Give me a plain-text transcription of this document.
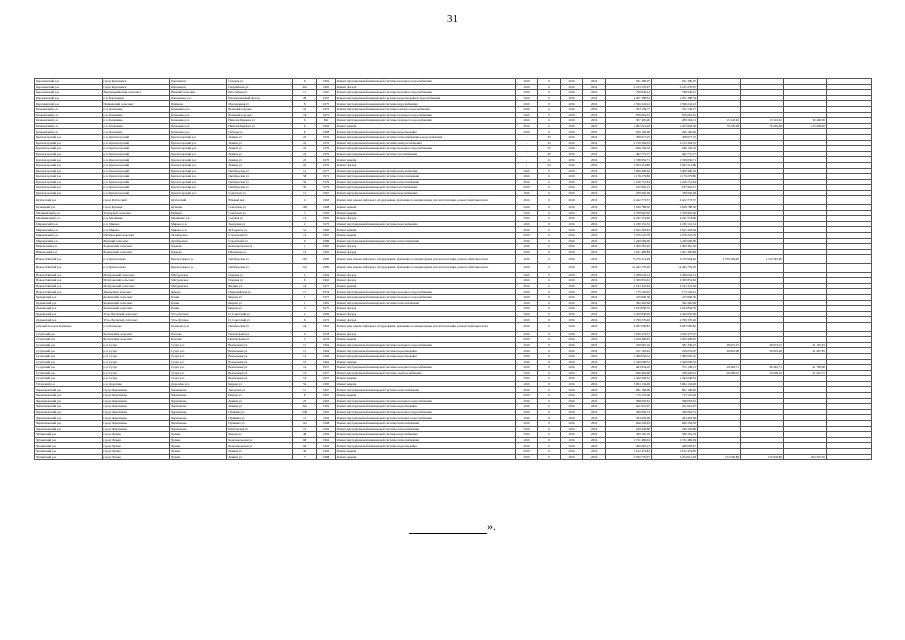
31
Карачаевский р-н	город Карачаевск	Карачаевск	Садовая ул	9	1962	Ремонт внутридомовой инженерной системы холодного водоснабжения	2016	0	2016	2016	931 399,07	931 399,07				
Карачаевский р-н	город Карачаевск	Карачаевск	Гвардейская ул	42а	1965	Ремонт фасада	2016	0	2016	2016	2 415 270,97	2 415 270,97				
Карачаевский р-н	Верхнеармянский сельсовет	Нижний сельсовет	Шоссейная ул	17	1967	Ремонт внутридомовой инженерной системы холодного водоснабжения	2016	0	2016	2016	798 930,41	798 930,41				
Карачаевский р-н	р.п. Карачаевка	Карачаевка р.п.	Революционный проезд	28	1967	Ремонт внутридомовой инженерной системы водоотведения и водоснабжения	2016	0	2016	2016	1 201 388,54	1 201 388,54				
Карачаевский р-н	Пашковский сельсовет	Пашково	Молодежная ул	8	1975	Ремонт внутридомовой инженерной системы водоснабжения	2016	0	2016	2016	1 596 242,22	1 596 242,22				
Кочкаевский р-н	р.п. Кочкаевка	Кочкаевка р.п.	Военный городок	10	1975	Ремонт внутридомовой инженерной системы горячего водоснабжения	2016	0	2016	2016	323 139,77	323 139,77				
Кочкаевский р-н	р.п. Кочкаевка	Кочкаевка р.п.	Военный городок	18	1975	Ремонт внутридомовой инженерной системы холодного водоснабжения	2016	0	2016	2016	876 062,61	876 062,61				
Кочкаевский р-н	р.п. Кочкаевка	Кочкаевка р.п.	Николая Брянова ул	6	69г	Ремонт внутридомовой инженерной системы холодного водоснабжения	2016	0	2016	2016	307 495,40	289 394,12	15 543,02	15 543,02	30 460,56	
Кочкаевский р-н	р.п. Кочкаевка	Кочкаевка р.п.	Николая Брянова ул	6	1962	Ремонт крыши	2016	0	2016	2016	1 607 621,48	1 267 806,39	76 292,48	76 292,48	133 938,20	
Кочкаевский р-н	р.п. Кочкаевка	Кочкаевка р.п.	Победы ул	8	1968	Ремонт внутридомовой инженерной системы водоотведения	2016	0	2016	2016	209 190,69	209 190,69				
Красногорский р-н	р.п. Красногорский	Красногорский р.п.	Ленина ул	22	1970	Ремонт внутридомовой инженерной системы теплоснабжения и водоснабжения	-	33	2016	2016	308 077,25	308 077,25				
Красногорский р-н	р.п. Красногорский	Красногорский р.п.	Ленина ул	22	1970	Ремонт внутридомовой инженерной системы электроснабжения	-	45	2016	2016	2 159 394,55	2 159 394,55				
Красногорский р-н	р.п. Красногорский	Красногорский р.п.	Ленина ул	22	1970	Ремонт внутридомовой инженерной системы холодного водоснабжения	-	37	2016	2016	649 156,52	649 156,52				
Красногорский р-н	р.п. Красногорский	Красногорский р.п.	Ленина ул	22	1970	Ремонт внутридомовой инженерной системы газоснабжения	-	40	2016	2016	402 772,77	402 772,77				
Красногорский р-н	р.п. Красногорский	Красногорский р.п.	Ленина ул	22	1970	Ремонт крыши	-	21	2016	2016	1 336 056,71	1 336 056,71				
Красногорский р-н	р.п. Красногорский	Красногорский р.п.	Ленина ул	22	1970	Ремонт фасада	-	93	2016	2016	1 563 214,86	1 563 214,86				
Красногорский р-н	р.п. Красногорский	Красногорский р.п.	Октябрьская ул	11	1977	Ремонт внутридомовой инженерной системы водоснабжения	2016	0	2016	2016	1 908 400,30	1 908 400,30				
Красногорский р-н	р.п. Красногорский	Красногорский р.п.	Октябрьская ул	58	1972	Ремонт внутридомовой инженерной системы теплоснабжения	2016	0	2016	2016	1 176 279,86	1 176 279,86				
Красногорский р-н	р.п. Красногорский	Красногорский р.п.	Октябрьская ул	59	1979	Ремонт внутридомовой инженерной системы теплоснабжения	2016	0	2016	2016	1 226 751,64	1 226 751,64				
Красногорский р-н	р.п. Красногорский	Красногорский р.п.	Октябрьская ул	59	1979	Ремонт внутридомовой инженерной системы газоснабжения	2016	0	2016	2016	187 902,15	187 902,15				
Красногорский р-н	р.п. Красногорский	Красногорский р.п.	Советская ул	11	1967	Ремонт внутридомовой инженерной системы водоснабжения	2016	0	2016	2016	769 956,09	769 956,09				
Кузбасский р-н	город Кузбасский	Кузбасский	Южный пер	4	1963	Ремонт или замена лифтового оборудования, признанного непригодным для эксплуатации, ремонт лифтовых шахт	2016	0	2016	2016	4 422 773,57	4 422 773,57				
Кузнецкий р-н	город Кузнецк	Кузнецк	Советская ул	106	1968	Ремонт крыши	2016	0	2016	2016	3 636 788,50	3 636 788,50				
Малининский р-н	Успенский сельсовет	Рябинка	Советская ул	7	1965	Ремонт крыши	2016	0	2016	2016	1 708 965,50	1 708 965,50				
Малининский р-н	р.п. Малинино	Малинино р.п.	Садовая ул	11	1965	Ремонт фасада	2016	0	2016	2016	4 431 574,66	4 431 574,66				
Мирненский р-н	р.п. Мирное	Мирное р.п.	Заводская ул	2	1975	Ремонт внутридомовой инженерной системы водоснабжения	2016	0	2016	2016	2 230 131,32	2 230 131,32				
Мирненский р-н	р.п. Мирное	Мирное р.п.	М.Горького ул	5а	1982	Ремонт крыши	2016	0	2016	2016	2 625 363,94	2 625 363,94				
Мирненский р-н	Октябрьский сельсовет	Октябрьское	Строителей ул	13	1967	Ремонт крыши	2016	0	2016	2016	1 076 247,79	1 076 247,79				
Мирненский р-н	Верхний сельсовет	Октябрьское	Строителей ул	9	1986	Ремонт внутридомовой инженерной системы теплоснабжения	2016	0	2016	2016	1 240 609,00	1 240 609,00				
Никольский р-н	Борковский сельсовет	Борково	Комсомольская ул	1	1965	Ремонт фасада	2016	0	2016	2016	2 409 381,20	2 409 381,20				
Никольский р-н	Борковский сельсовет	Борково	Школьная ул	12	1965	Ремонт фасада	2016	0	2016	2016	1 621 460,89	1 621 460,89				
Новоалтайский р-н	р.п. Красногорка	Красногорка р.п.	Октябрьская ул	205	1985	Ремонт или замена лифтового оборудования, признанного непригодным для эксплуатации, ремонт лифтовых шахт	2016	0	2016	2016	6 270 214,99	2 750 994,62	2 759 584,00	1 519 367,99		
Новоалтайский р-н	р.п. Красногорка	Красногорка р.п.	Октябрьская ул	212	1985	Ремонт или замена лифтового оборудования, признанного непригодным для эксплуатации, ремонт лифтовых шахт	2016	0	2016	2016	12 445 776,20	12 445 776,20				
Новоалтайский р-н	Матуровский сельсовет	Матуровское	Озерная ул	2	1964	Ремонт фасада	2016	0	2016	2016	2 208 043,14	2 208 043,14				
Новоалтайский р-н	Матуровский сельсовет	Матуровское	Озерная ул	6	1962	Ремонт фасада	2016	0	2016	2016	2 309 852,62	2 309 852,62				
Новоалтайский р-н	Матуровский сельсовет	Матуровское	Федина ул	16	1977	Ремонт крыши	2016	0	2016	2016	2 193 325,94	2 193 325,94				
Новоалтайский р-н	Ярковский сельсовет	Ярково	Первомайская ул	17	1976	Ремонт внутридомовой инженерной системы холодного водоснабжения	2016	0	2016	2016	175 526,91	175 526,91				
Ордынский р-н	Кочковский сельсовет	Кочки	Кирова ул	1	1975	Ремонт внутридомовой инженерной системы холодного водоснабжения	2016	0	2016	2016	415 840,56	415 840,56				
Ордынский р-н	Кочковский сельсовет	Кочки	Кирова ул	1	1981	Ремонт внутридомовой инженерной системы теплоснабжения	2016	0	2016	2016	392 495,69	392 495,69				
Ордынский р-н	Кочковский сельсовет	Кочки	Кирова ул	5	1975	Ремонт фасада	2016	0	2016	2016	1 633 856,70	1 633 856,70				
Ордынский р-н	Усть-Луговской сельсовет	Усть-Луговое	П. Советский ул	2	1966	Ремонт фасада	2016	0	2016	2016	2 450 650,00	2 450 650,00				
Ордынский р-н	Усть-Луговской сельсовет	Усть-Луговое	П. Советский ул	6	1972	Ремонт фасада	2016	0	2016	2016	2 799 370,40	2 799 370,40				
рабочий поселок Кольцово	р.п. Кольцово	Кольцово р.п.	Октябрьская ул	24	1991	Ремонт или замена лифтового оборудования, признанного непригодным для эксплуатации, ремонт лифтовых шахт	2016	0	2016	2016	6 287 000,82	6 287 000,82				
Сузунский р-н	Болтовский сельсовет	Болтово	Центральная ул	4	1978	Ремонт фасада	2016	0	2016	2016	1 816 473,37	1 816 473,37				
Сузунский р-н	Болтовский сельсовет	Болтово	Центральная ул	5	1976	Ремонт крыши	2016	0	2016	2016	1 029 490,65	1 029 490,65				
Сузунский р-н	р.п. Сузун	Сузун р.п.	Вокзальная ул	11	1964	Ремонт внутридомовой инженерной системы холодного водоснабжения	2016	0	2016	2016	456 667,16	381 436,27	28 072,27	28 072,27	41 197,63	
Сузунский р-н	р.п. Сузун	Сузун р.п.	Вокзальная ул	11	1964	Ремонт внутридомовой инженерной системы водоотведения	2016	0	2016	2016	911 165,92	256 055,07	36 816,08	36 816,08	41 497,85	
Сузунский р-н	р.п. Сузун	Сузун р.п.	Вокзальная ул	12	1962	Ремонт внутридомовой инженерной системы водоотведения	2016	0	2016	2016	1 389 056,32	1 389 056,32				
Сузунский р-н	р.п. Сузун	Сузун р.п.	Вокзальная ул	12	1962	Ремонт крыши	2016	0	2016	2016	1 349 096,32	1 349 096,32				
Сузунский р-н	р.п. Сузун	Сузун р.п.	Вокзальная ул	14	1957	Ремонт внутридомовой инженерной системы холодного водоснабжения	2016	0	2016	2016	463 854,45	375 138,21	26 463,71	26 463,71	41 790,86	
Сузунский р-н	р.п. Сузун	Сузун р.п.	Вокзальная ул	14	1957	Ремонт внутридомовой инженерной системы электроснабжения	2016	0	2016	2016	836 494,66	708 426,61	26 099,16	26 099,16	41 410,71	
Сузунский р-н	р.п. Сузун	Сузун р.п.	Вокзальная ул	14	1957	Ремонт крыши	2016	0	2016	2016	1 342 046,52	1 342 046,52				
Татарский р-н	р.п. Дорогино	Дорогино р.п.	Кирова ул	52	1995	Ремонт крыши	2016	0	2016	2016	3 004 134,06	3 004 134,06				
Черепановский р-н	город Черепаново	Черепаново	Заводская ул	11	1967	Ремонт внутридомовой инженерной системы теплоснабжения	2016	0	2016	2016	891 168,09	891 168,09				
Черепановский р-н	город Черепаново	Черепаново	Кирова ул	8	1967	Ремонт крыши	2016	0	2016	2016	715 525,46	715 525,46				
Черепановский р-н	город Черепаново	Черепаново	Ленина ул	23	1962	Ремонт внутридомовой инженерной системы холодного водоснабжения	2016	0	2016	2016	398 093,81	398 093,81				
Черепановский р-н	город Черепаново	Черепаново	Ленина ул	34а	1962	Ремонт внутридомовой инженерной системы водоотведения	2016	0	2016	2016	421 616,97	421 616,97				
Черепановский р-н	город Черепаново	Черепаново	Пушкина ул	258	1962	Ремонт внутридомовой инженерной системы холодного водоснабжения	2016	0	2016	2016	306 892,31	306 892,31				
Черепановский р-н	город Черепаново	Черепаново	Пушкина ул	12	1962	Ремонт внутридомовой инженерной системы холодного водоснабжения	2016	0	2016	2016	304 403,09	304 403,09				
Черепановский р-н	город Черепаново	Черепаново	Пушкина ул	12а	1968	Ремонт внутридомовой инженерной системы теплоснабжения	2016	0	2016	2016	690 256,63	690 256,63				
Черепановский р-н	город Черепаново	Черепаново	Шахтерская ул	15	1962	Ремонт внутридомовой инженерной системы теплоснабжения	2016	0	2016	2016	249 326,86	249 326,86				
Чулымский р-н	город Чулым	Чулым	Кирова ул	46	1962	Ремонт внутридомовой инженерной системы водоснабжения	2016	0	2016	2016	369 162,79	369 162,79				
Чулымский р-н	город Чулым	Чулым	Комсомольская ул	68	1962	Ремонт внутридомовой инженерной системы теплоснабжения	2016	0	2016	2016	1 721 486,04	1 721 486,04				
Чулымский р-н	город Чулым	Чулым	Комсомольская ул	68	1962	Ремонт внутридомовой инженерной системы водоотведения	2016	0	2016	2016	460 683,47	460 683,47				
Чулымский р-н	город Чулым	Чулым	Ленина ул	44	1962	Ремонт крыши	2016	0	2016	2016	1 612 474,82	1 612 474,82				
Чулымский р-н	город Чулым	Чулым	Ленина ул	5	1988	Ремонт крыши	2016	0	2016	2016	5 959 779,07	5 254 012,49	152 630,89	152 630,89	204 507,20	
».
